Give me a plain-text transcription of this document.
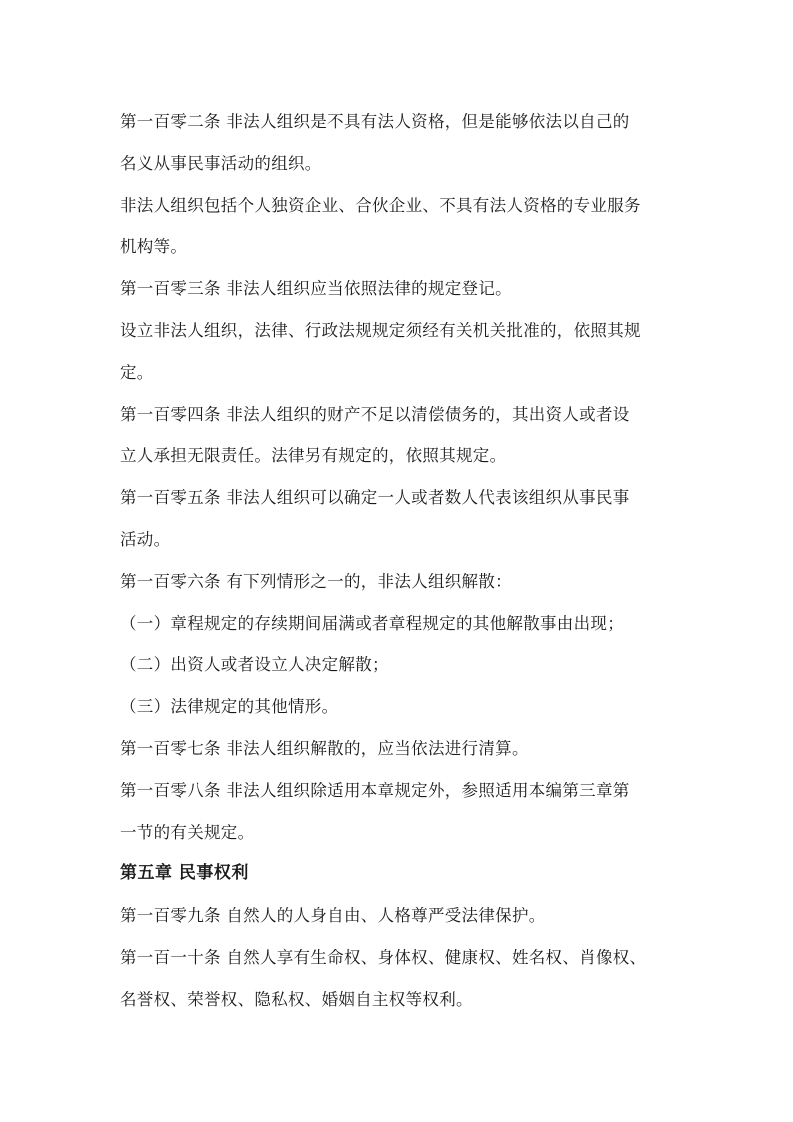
第一百零二条 非法人组织是不具有法人资格，但是能够依法以自己的
名义从事民事活动的组织。
非法人组织包括个人独资企业、合伙企业、不具有法人资格的专业服务
机构等。
第一百零三条 非法人组织应当依照法律的规定登记。
设立非法人组织，法律、行政法规规定须经有关机关批准的，依照其规
定。
第一百零四条 非法人组织的财产不足以清偿债务的，其出资人或者设
立人承担无限责任。法律另有规定的，依照其规定。
第一百零五条 非法人组织可以确定一人或者数人代表该组织从事民事
活动。
第一百零六条 有下列情形之一的，非法人组织解散：
（一）章程规定的存续期间届满或者章程规定的其他解散事由出现；
（二）出资人或者设立人决定解散；
（三）法律规定的其他情形。
第一百零七条 非法人组织解散的，应当依法进行清算。
第一百零八条 非法人组织除适用本章规定外，参照适用本编第三章第
一节的有关规定。
第五章 民事权利
第一百零九条 自然人的人身自由、人格尊严受法律保护。
第一百一十条 自然人享有生命权、身体权、健康权、姓名权、肖像权、
名誉权、荣誉权、隐私权、婚姻自主权等权利。
